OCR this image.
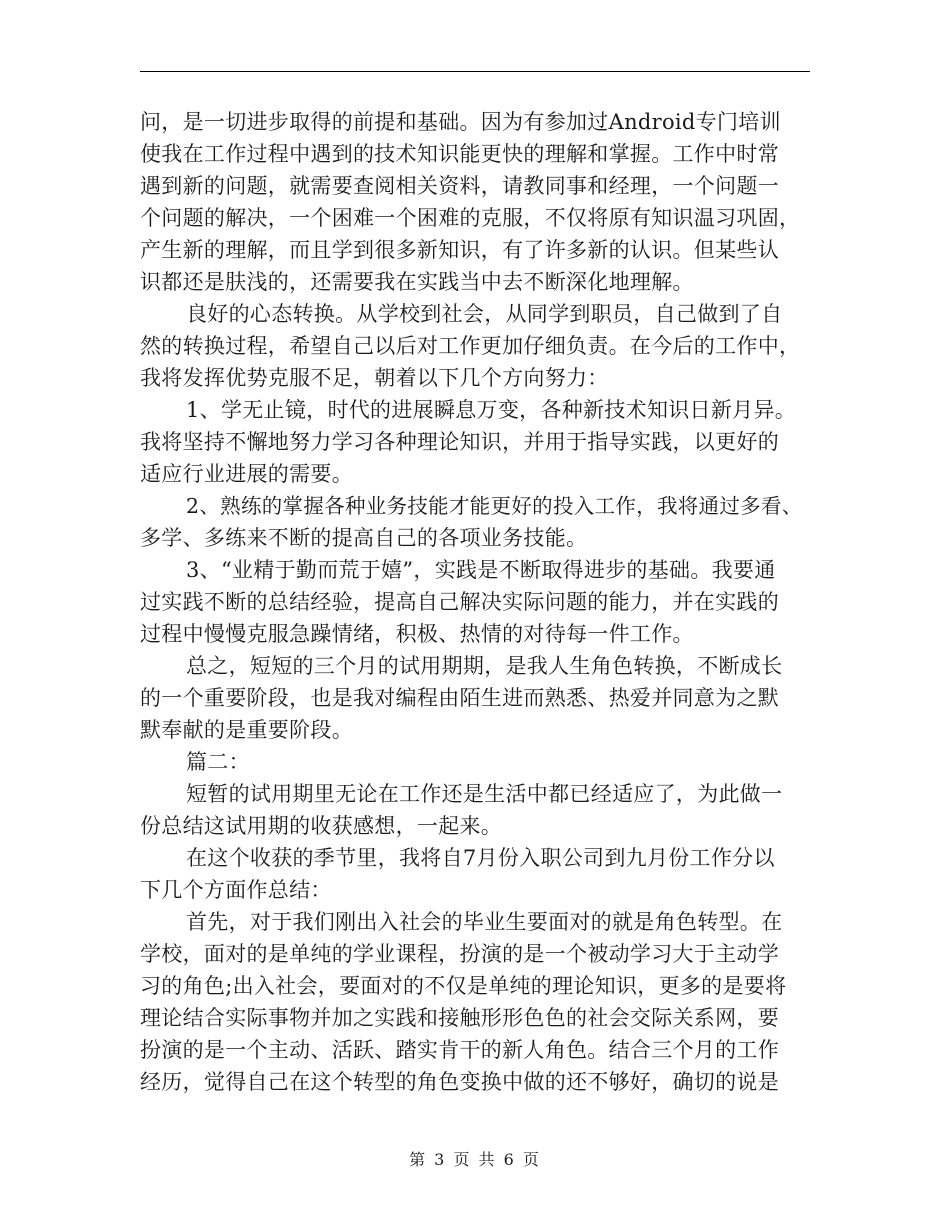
问，是一切进步取得的前提和基础。因为有参加过Android专门培训
使我在工作过程中遇到的技术知识能更快的理解和掌握。工作中时常
遇到新的问题，就需要查阅相关资料，请教同事和经理，一个问题一
个问题的解决，一个困难一个困难的克服，不仅将原有知识温习巩固，
产生新的理解，而且学到很多新知识，有了许多新的认识。但某些认
识都还是肤浅的，还需要我在实践当中去不断深化地理解。
良好的心态转换。从学校到社会，从同学到职员，自己做到了自
然的转换过程，希望自己以后对工作更加仔细负责。在今后的工作中，
我将发挥优势克服不足，朝着以下几个方向努力：
1、学无止镜，时代的进展瞬息万变，各种新技术知识日新月异。
我将坚持不懈地努力学习各种理论知识，并用于指导实践，以更好的
适应行业进展的需要。
2、熟练的掌握各种业务技能才能更好的投入工作，我将通过多看、
多学、多练来不断的提高自己的各项业务技能。
3、“业精于勤而荒于嬉”，实践是不断取得进步的基础。我要通
过实践不断的总结经验，提高自己解决实际问题的能力，并在实践的
过程中慢慢克服急躁情绪，积极、热情的对待每一件工作。
总之，短短的三个月的试用期期，是我人生角色转换，不断成长
的一个重要阶段，也是我对编程由陌生进而熟悉、热爱并同意为之默
默奉献的是重要阶段。
篇二：
短暂的试用期里无论在工作还是生活中都已经适应了，为此做一
份总结这试用期的收获感想，一起来。
在这个收获的季节里，我将自7月份入职公司到九月份工作分以
下几个方面作总结：
首先，对于我们刚出入社会的毕业生要面对的就是角色转型。在
学校，面对的是单纯的学业课程，扮演的是一个被动学习大于主动学
习的角色;出入社会，要面对的不仅是单纯的理论知识，更多的是要将
理论结合实际事物并加之实践和接触形形色色的社会交际关系网，要
扮演的是一个主动、活跃、踏实肯干的新人角色。结合三个月的工作
经历，觉得自己在这个转型的角色变换中做的还不够好，确切的说是
第 3 页 共 6 页
